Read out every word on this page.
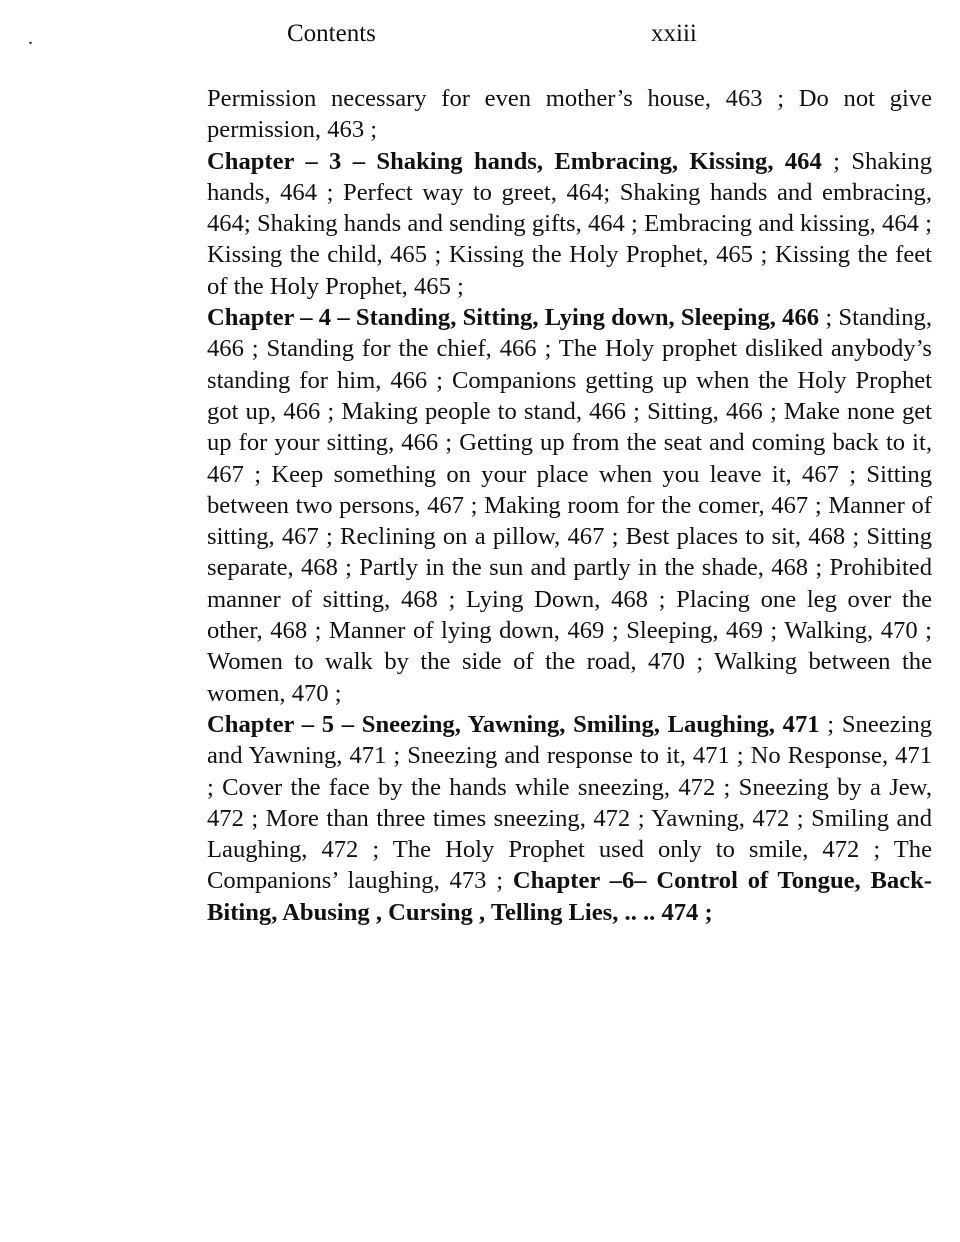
.	Contents	xxiii
Permission necessary for even mother’s house, 463 ; Do not give permission, 463 ;
Chapter – 3 – Shaking hands, Embracing, Kissing, 464 ; Shaking hands, 464 ; Perfect way to greet, 464; Shaking hands and embracing, 464; Shaking hands and sending gifts, 464 ; Embracing and kissing, 464 ; Kissing the child, 465 ; Kissing the Holy Prophet, 465 ; Kissing the feet of the Holy Prophet, 465 ;
Chapter – 4 – Standing, Sitting, Lying down, Sleeping, 466 ; Standing, 466 ; Standing for the chief, 466 ; The Holy prophet disliked anybody’s standing for him, 466 ; Companions getting up when the Holy Prophet got up, 466 ; Making people to stand, 466 ; Sitting, 466 ; Make none get up for your sitting, 466 ; Getting up from the seat and coming back to it, 467 ; Keep something on your place when you leave it, 467 ; Sitting between two persons, 467 ; Making room for the comer, 467 ; Manner of sitting, 467 ; Reclining on a pillow, 467 ; Best places to sit, 468 ; Sitting separate, 468 ; Partly in the sun and partly in the shade, 468 ; Prohibited manner of sitting, 468 ; Lying Down, 468 ; Placing one leg over the other, 468 ; Manner of lying down, 469 ; Sleeping, 469 ; Walking, 470 ; Women to walk by the side of the road, 470 ; Walking between the women, 470 ;
Chapter – 5 – Sneezing, Yawning, Smiling, Laughing, 471 ; Sneezing and Yawning, 471 ; Sneezing and response to it, 471 ; No Response, 471 ; Cover the face by the hands while sneezing, 472 ; Sneezing by a Jew, 472 ; More than three times sneezing, 472 ; Yawning, 472 ; Smiling and Laughing, 472 ; The Holy Prophet used only to smile, 472 ; The Companions’ laughing, 473 ; Chapter –6– Control of Tongue, Back-Biting, Abusing , Cursing , Telling Lies, .. .. 474 ;
